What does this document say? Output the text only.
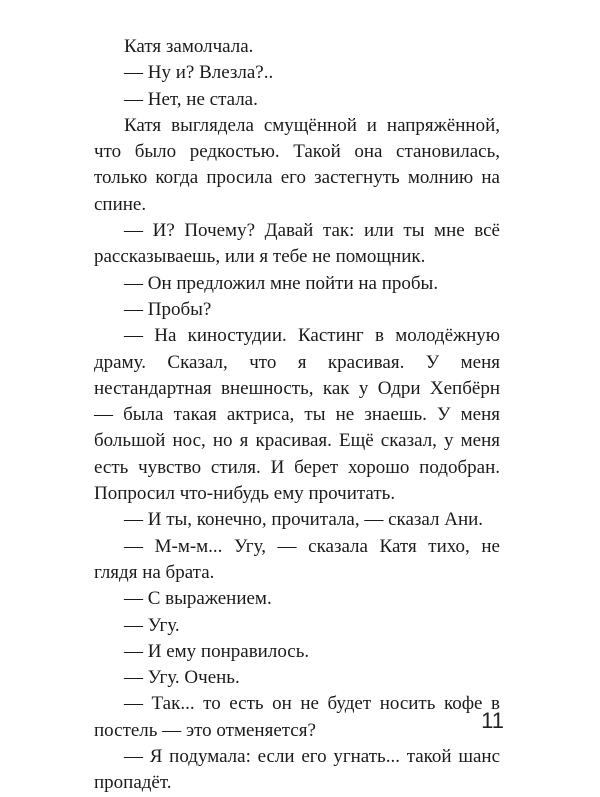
Катя замолчала.

— Ну и? Влезла?..

— Нет, не стала.

Катя выглядела смущённой и напряжённой, что было редкостью. Такой она становилась, только когда просила его застегнуть молнию на спине.

— И? Почему? Давай так: или ты мне всё рассказываешь, или я тебе не помощник.

— Он предложил мне пойти на пробы.

— Пробы?

— На киностудии. Кастинг в молодёжную драму. Сказал, что я красивая. У меня нестандартная внешность, как у Одри Хепбёрн — была такая актриса, ты не знаешь. У меня большой нос, но я красивая. Ещё сказал, у меня есть чувство стиля. И берет хорошо подобран. Попросил что-нибудь ему прочитать.

— И ты, конечно, прочитала, — сказал Ани.

— М-м-м... Угу, — сказала Катя тихо, не глядя на брата.

— С выражением.

— Угу.

— И ему понравилось.

— Угу. Очень.

— Так... то есть он не будет носить кофе в постель — это отменяется?

— Я подумала: если его угнать... такой шанс пропадёт.

11
